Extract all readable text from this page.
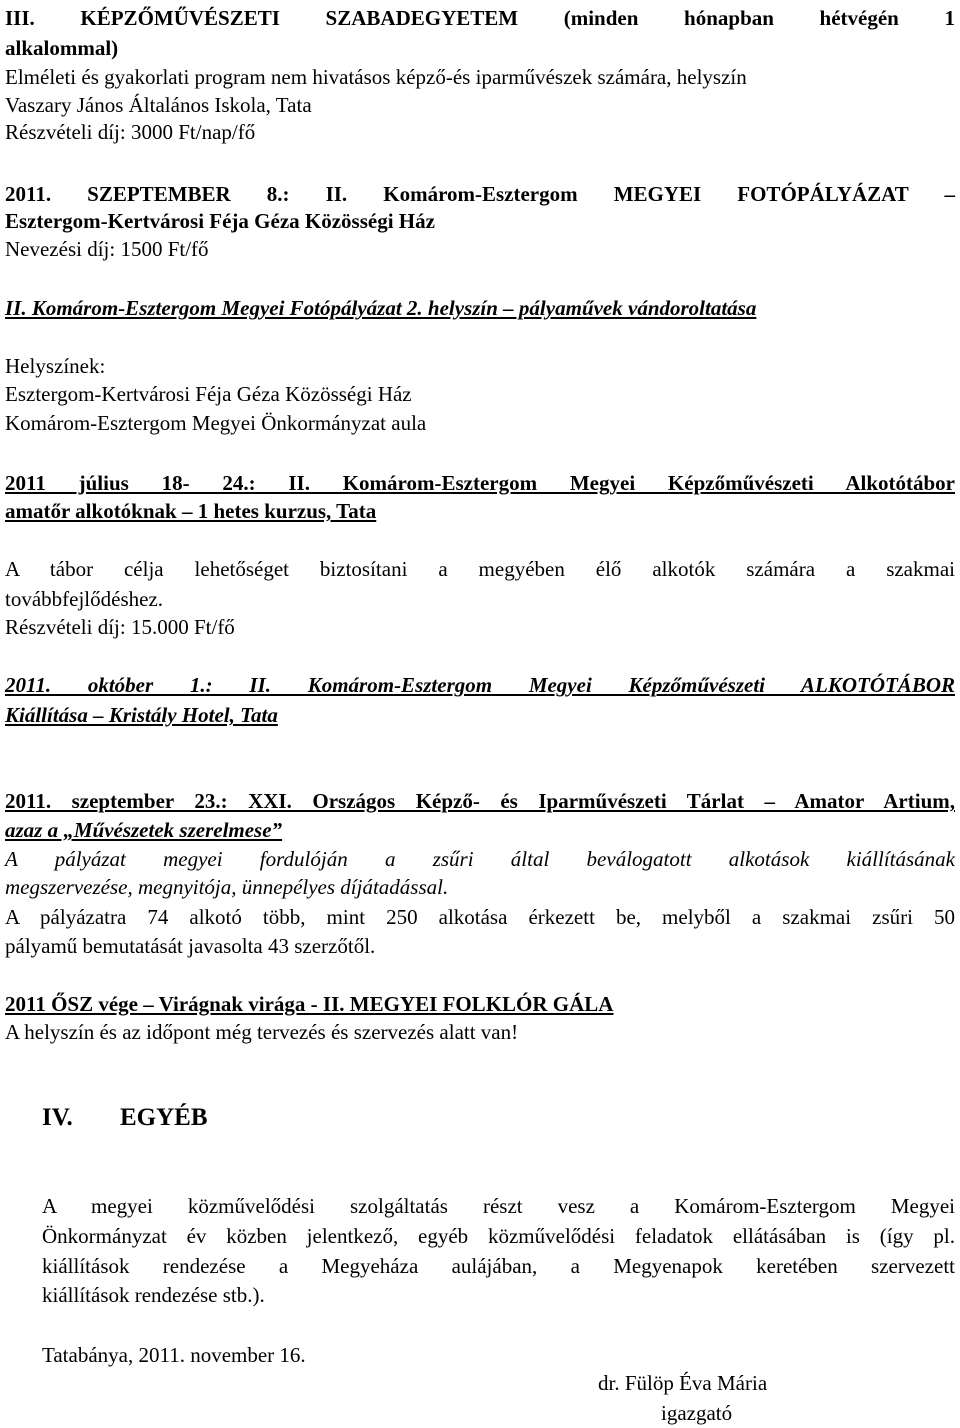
III. KÉPZŐMŰVÉSZETI SZABADEGYETEM (minden hónapban hétvégén 1

alkalommal)

Elméleti és gyakorlati program nem hivatásos képző-és iparművészek számára, helyszín

Vaszary János Általános Iskola, Tata

Részvételi díj: 3000 Ft/nap/fő

2011. SZEPTEMBER 8.: II. Komárom-Esztergom MEGYEI FOTÓPÁLYÁZAT –

Esztergom-Kertvárosi Féja Géza Közösségi Ház

Nevezési díj: 1500 Ft/fő

II. Komárom-Esztergom Megyei Fotópályázat 2. helyszín – pályaművek vándoroltatása

Helyszínek:

Esztergom-Kertvárosi Féja Géza Közösségi Ház

Komárom-Esztergom Megyei Önkormányzat aula

2011 július 18- 24.: II. Komárom-Esztergom Megyei Képzőművészeti Alkotótábor

amatőr alkotóknak – 1 hetes kurzus, Tata

A tábor célja lehetőséget biztosítani a megyében élő alkotók számára a szakmai

továbbfejlődéshez.

Részvételi díj: 15.000 Ft/fő

2011. október 1.: II. Komárom-Esztergom Megyei Képzőművészeti ALKOTÓTÁBOR

Kiállítása – Kristály Hotel, Tata

2011. szeptember 23.: XXI. Országos Képző- és Iparművészeti Tárlat – Amator Artium,

azaz a „Művészetek szerelmese”

A pályázat megyei fordulóján a zsűri által beválogatott alkotások kiállításának

megszervezése, megnyitója, ünnepélyes díjátadással.

A pályázatra 74 alkotó több, mint 250 alkotása érkezett be, melyből a szakmai zsűri 50

pályamű bemutatását javasolta 43 szerzőtől.

2011 ŐSZ vége – Virágnak virága - II. MEGYEI FOLKLÓR GÁLA

A helyszín és az időpont még tervezés és szervezés alatt van!

IV. EGYÉB

A megyei közművelődési szolgáltatás részt vesz a Komárom-Esztergom Megyei

Önkormányzat év közben jelentkező, egyéb közművelődési feladatok ellátásában is (így pl.

kiállítások rendezése a Megyeháza aulájában, a Megyenapok keretében szervezett

kiállítások rendezése stb.).

Tatabánya, 2011. november 16.

dr. Fülöp Éva Mária

igazgató
